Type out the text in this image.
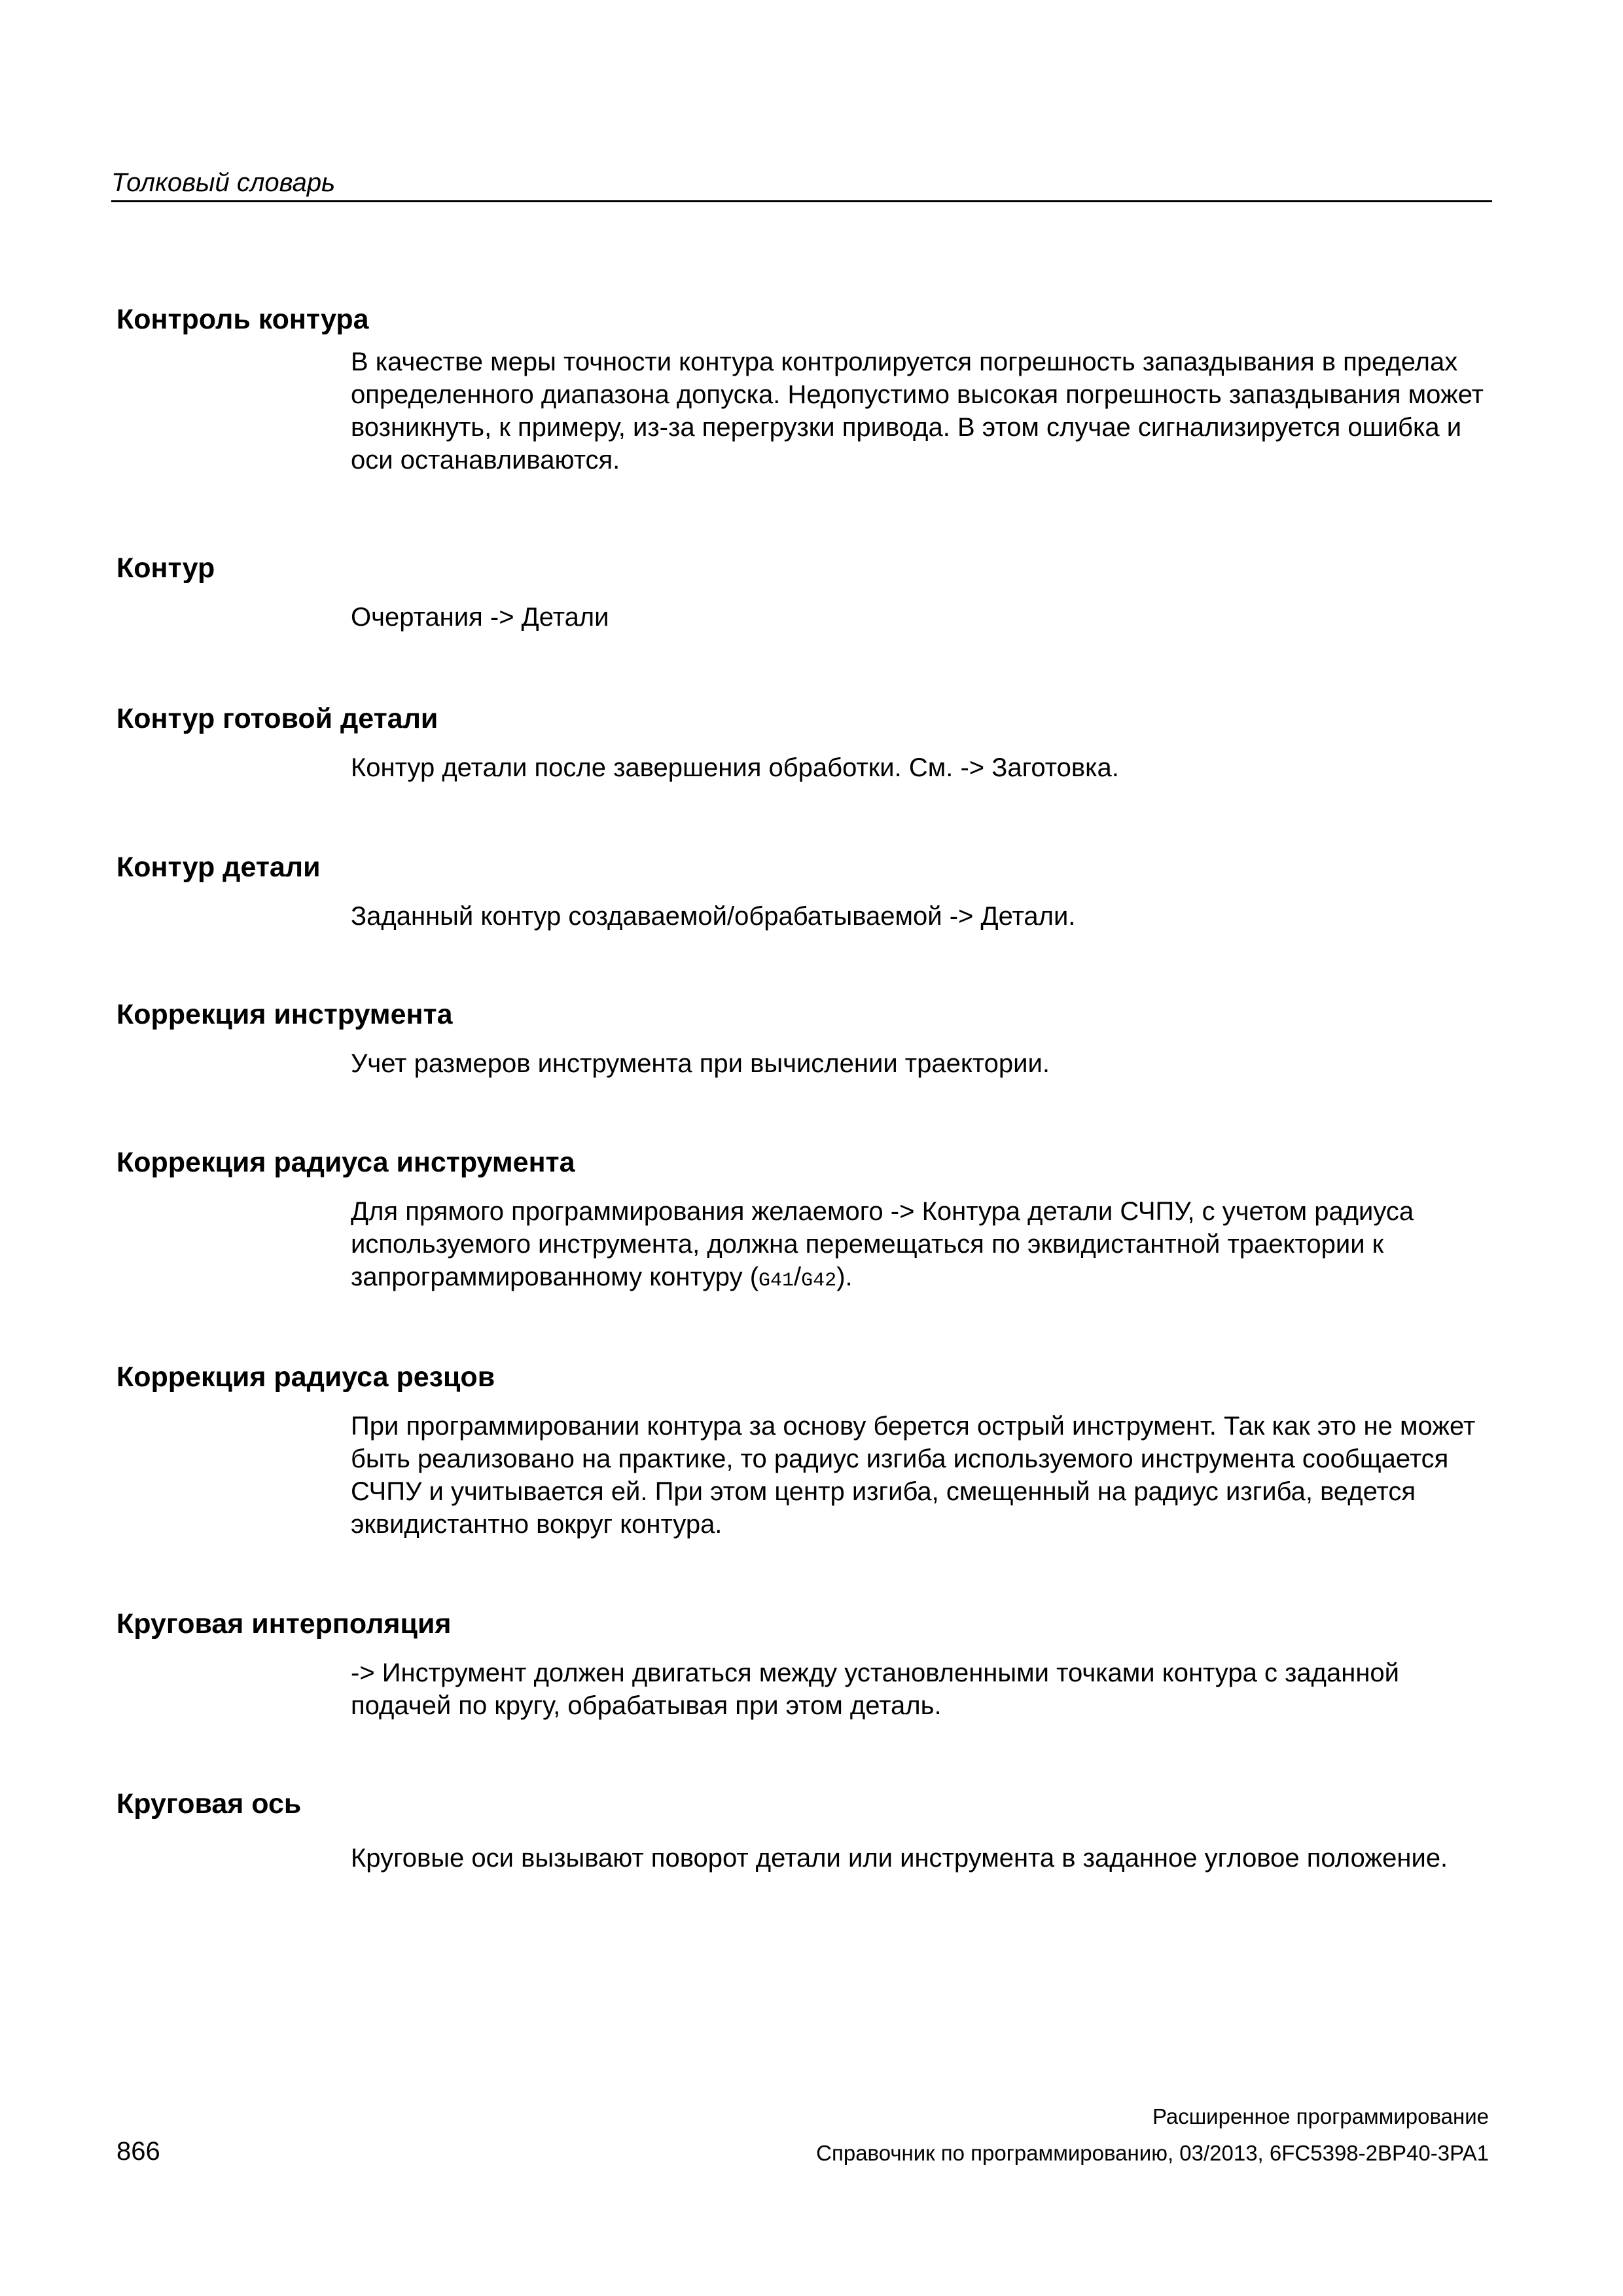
Толковый словарь
Контроль контура

В качестве меры точности контура контролируется погрешность запаздывания в пределах определенного диапазона допуска. Недопустимо высокая погрешность запаздывания может возникнуть, к примеру, из-за перегрузки привода. В этом случае сигнализируется ошибка и оси останавливаются.

Контур

Очертания -> Детали

Контур готовой детали

Контур детали после завершения обработки. См. -> Заготовка.

Контур детали

Заданный контур создаваемой/обрабатываемой -> Детали.

Коррекция инструмента

Учет размеров инструмента при вычислении траектории.

Коррекция радиуса инструмента

Для прямого программирования желаемого -> Контура детали СЧПУ, с учетом радиуса используемого инструмента, должна перемещаться по эквидистантной траектории к запрограммированному контуру (G41/G42).

Коррекция радиуса резцов

При программировании контура за основу берется острый инструмент. Так как это не может быть реализовано на практике, то радиус изгиба используемого инструмента сообщается СЧПУ и учитывается ей. При этом центр изгиба, смещенный на радиус изгиба, ведется эквидистантно вокруг контура.

Круговая интерполяция

-> Инструмент должен двигаться между установленными точками контура с заданной подачей по кругу, обрабатывая при этом деталь.

Круговая ось

Круговые оси вызывают поворот детали или инструмента в заданное угловое положение.

Расширенное программирование
866	Справочник по программированию, 03/2013, 6FC5398-2BP40-3PA1
